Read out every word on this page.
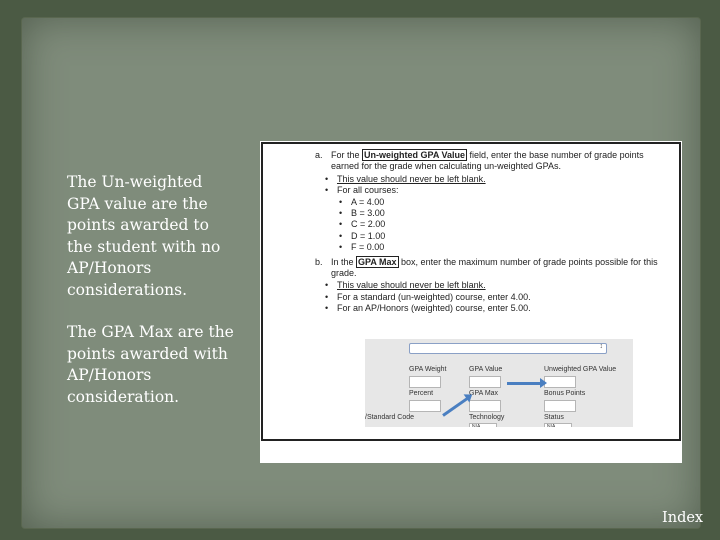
The Un-weighted GPA value are the points awarded to the student with no AP/Honors considerations.

The GPA Max are the points awarded with AP/Honors consideration.

a. For the Un-weighted GPA Value field, enter the base number of grade points earned for the grade when calculating un-weighted GPAs.
• This value should never be left blank.
• For all courses:
• A = 4.00
• B = 3.00
• C = 2.00
• D = 1.00
• F = 0.00
b. In the GPA Max box, enter the maximum number of grade points possible for this grade.
• This value should never be left blank.
• For a standard (un-weighted) course, enter 4.00.
• For an AP/Honors (weighted) course, enter 5.00.
↕
GPA Weight	GPA Value	Unweighted GPA Value
Percent	GPA Max	Bonus Points
/Standard Code	Technology	Status
N/A	N/A
Index
